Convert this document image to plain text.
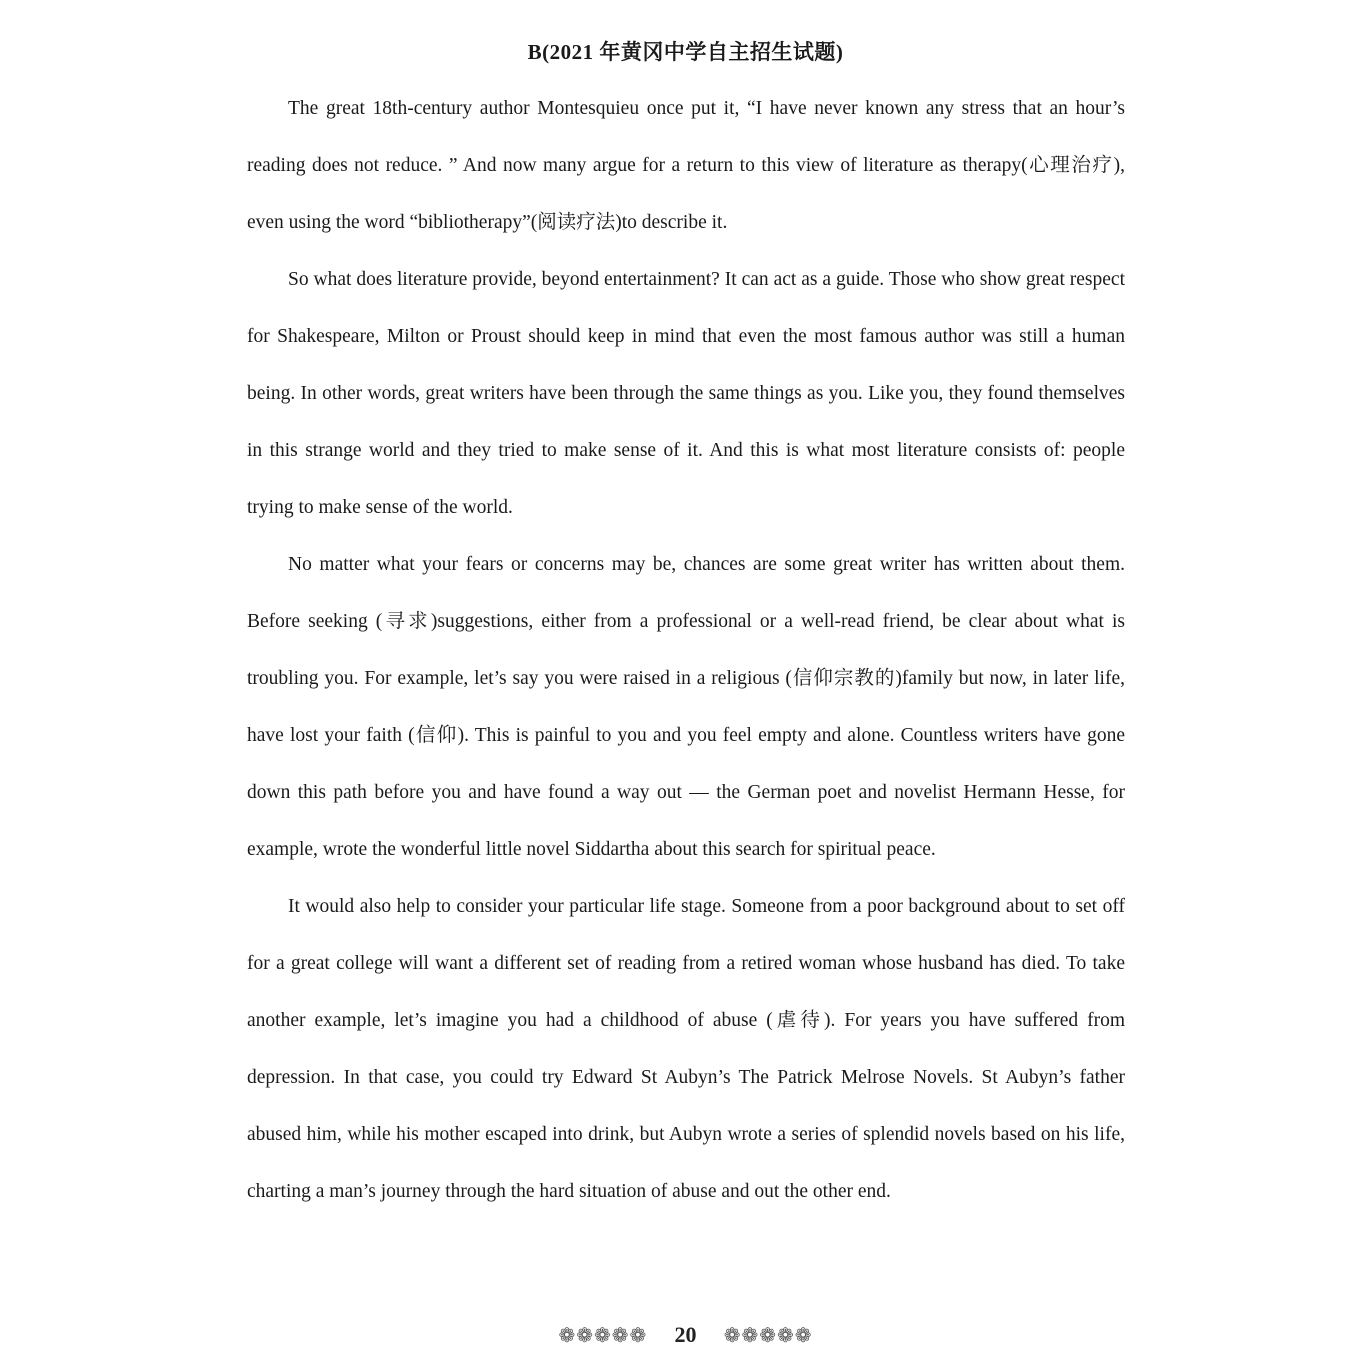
B(2021 年黄冈中学自主招生试题)

The great 18th-century author Montesquieu once put it, “I have never known any stress that an hour’s reading does not reduce. ” And now many argue for a return to this view of literature as therapy(心理治疗), even using the word “bibliotherapy”(阅读疗法)to describe it.

So what does literature provide, beyond entertainment? It can act as a guide. Those who show great respect for Shakespeare, Milton or Proust should keep in mind that even the most famous author was still a human being. In other words, great writers have been through the same things as you. Like you, they found themselves in this strange world and they tried to make sense of it. And this is what most literature consists of: people trying to make sense of the world.

No matter what your fears or concerns may be, chances are some great writer has written about them. Before seeking (寻求)suggestions, either from a professional or a well-read friend, be clear about what is troubling you. For example, let’s say you were raised in a religious (信仰宗教的)family but now, in later life, have lost your faith (信仰). This is painful to you and you feel empty and alone. Countless writers have gone down this path before you and have found a way out — the German poet and novelist Hermann Hesse, for example, wrote the wonderful little novel Siddartha about this search for spiritual peace.

It would also help to consider your particular life stage. Someone from a poor background about to set off for a great college will want a different set of reading from a retired woman whose husband has died. To take another example, let’s imagine you had a childhood of abuse (虐待). For years you have suffered from depression. In that case, you could try Edward St Aubyn’s The Patrick Melrose Novels. St Aubyn’s father abused him, while his mother escaped into drink, but Aubyn wrote a series of splendid novels based on his life, charting a man’s journey through the hard situation of abuse and out the other end.

❁❁❁❁❁ 20 ❁❁❁❁❁
